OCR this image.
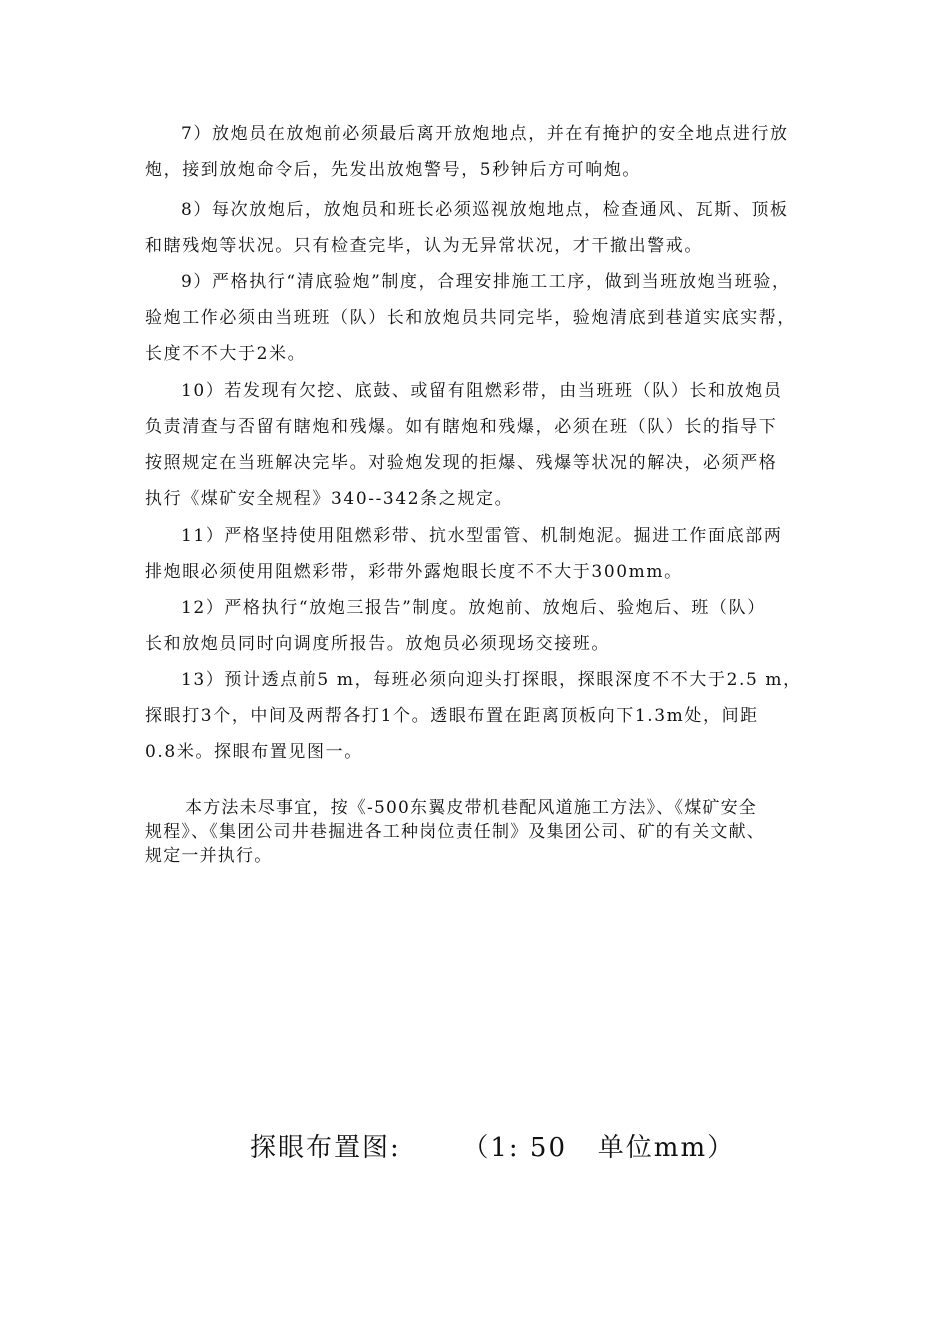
7）放炮员在放炮前必须最后离开放炮地点，并在有掩护的安全地点进行放
炮，接到放炮命令后，先发出放炮警号，5秒钟后方可响炮。
8）每次放炮后，放炮员和班长必须巡视放炮地点，检查通风、瓦斯、顶板
和瞎残炮等状况。只有检查完毕，认为无异常状况，才干撤出警戒。
9）严格执行“清底验炮”制度，合理安排施工工序，做到当班放炮当班验，
验炮工作必须由当班班（队）长和放炮员共同完毕，验炮清底到巷道实底实帮，
长度不不大于2米。
10）若发现有欠挖、底鼓、或留有阻燃彩带，由当班班（队）长和放炮员
负责清查与否留有瞎炮和残爆。如有瞎炮和残爆，必须在班（队）长的指导下
按照规定在当班解决完毕。对验炮发现的拒爆、残爆等状况的解决，必须严格
执行《煤矿安全规程》340--342条之规定。
11）严格坚持使用阻燃彩带、抗水型雷管、机制炮泥。掘进工作面底部两
排炮眼必须使用阻燃彩带，彩带外露炮眼长度不不大于300mm。
12）严格执行“放炮三报告”制度。放炮前、放炮后、验炮后、班（队）
长和放炮员同时向调度所报告。放炮员必须现场交接班。
13）预计透点前5 m，每班必须向迎头打探眼，探眼深度不不大于2.5 m，
探眼打3个，中间及两帮各打1个。透眼布置在距离顶板向下1.3m处，间距
0.8米。探眼布置见图一。
本方法未尽事宜，按《-500东翼皮带机巷配风道施工方法》、《煤矿安全
规程》、《集团公司井巷掘进各工种岗位责任制》及集团公司、矿的有关文献、
规定一并执行。
探眼布置图:      （1: 50   单位mm）
